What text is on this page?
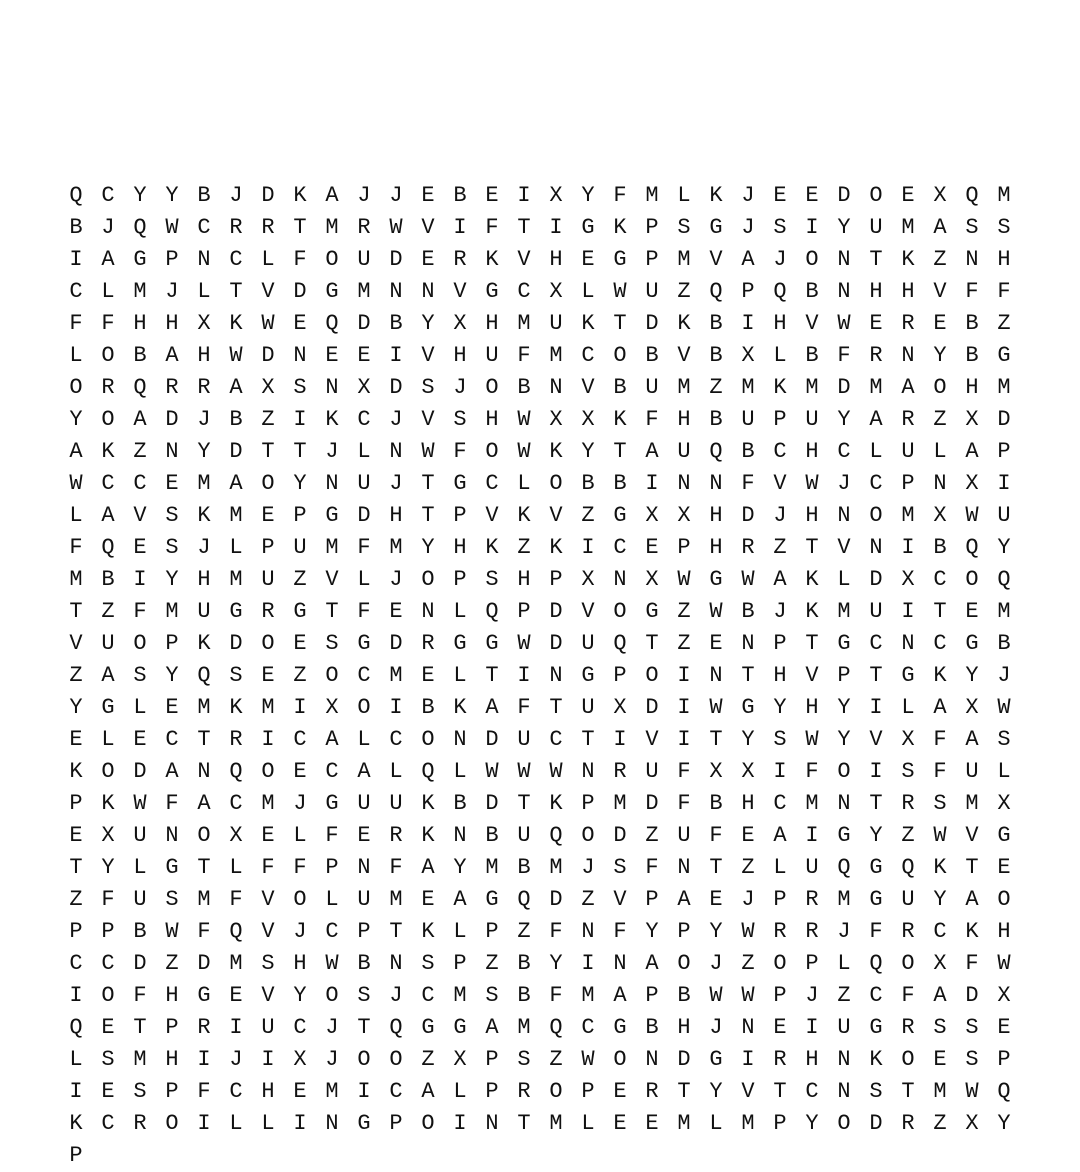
Q C Y Y B J D K A J J E B E I X Y F M L K J E E D O E X Q M
B J Q W C R R T M R W V I F T I G K P S G J S I Y U M A S S
I A G P N C L F O U D E R K V H E G P M V A J O N T K Z N H
C L M J L T V D G M N N V G C X L W U Z Q P Q B N H H V F F
F F H H X K W E Q D B Y X H M U K T D K B I H V W E R E B Z
L O B A H W D N E E I V H U F M C O B V B X L B F R N Y B G
O R Q R R A X S N X D S J O B N V B U M Z M K M D M A O H M
Y O A D J B Z I K C J V S H W X X K F H B U P U Y A R Z X D
A K Z N Y D T T J L N W F O W K Y T A U Q B C H C L U L A P
W C C E M A O Y N U J T G C L O B B I N N F V W J C P N X I
L A V S K M E P G D H T P V K V Z G X X H D J H N O M X W U
F Q E S J L P U M F M Y H K Z K I C E P H R Z T V N I B Q Y
M B I Y H M U Z V L J O P S H P X N X W G W A K L D X C O Q
T Z F M U G R G T F E N L Q P D V O G Z W B J K M U I T E M
V U O P K D O E S G D R G G W D U Q T Z E N P T G C N C G B
Z A S Y Q S E Z O C M E L T I N G P O I N T H V P T G K Y J
Y G L E M K M I X O I B K A F T U X D I W G Y H Y I L A X W
E L E C T R I C A L C O N D U C T I V I T Y S W Y V X F A S
K O D A N Q O E C A L Q L W W W N R U F X X I F O I S F U L
P K W F A C M J G U U K B D T K P M D F B H C M N T R S M X
E X U N O X E L F E R K N B U Q O D Z U F E A I G Y Z W V G
T Y L G T L F F P N F A Y M B M J S F N T Z L U Q G Q K T E
Z F U S M F V O L U M E A G Q D Z V P A E J P R M G U Y A O
P P B W F Q V J C P T K L P Z F N F Y P Y W R R J F R C K H
C C D Z D M S H W B N S P Z B Y I N A O J Z O P L Q O X F W
I O F H G E V Y O S J C M S B F M A P B W W P J Z C F A D X
Q E T P R I U C J T Q G G A M Q C G B H J N E I U G R S S E
L S M H I J I X J O O Z X P S Z W O N D G I R H N K O E S P
I E S P F C H E M I C A L P R O P E R T Y V T C N S T M W Q
K C R O I L L I N G P O I N T M L E E M L M P Y O D R Z X Y
P
